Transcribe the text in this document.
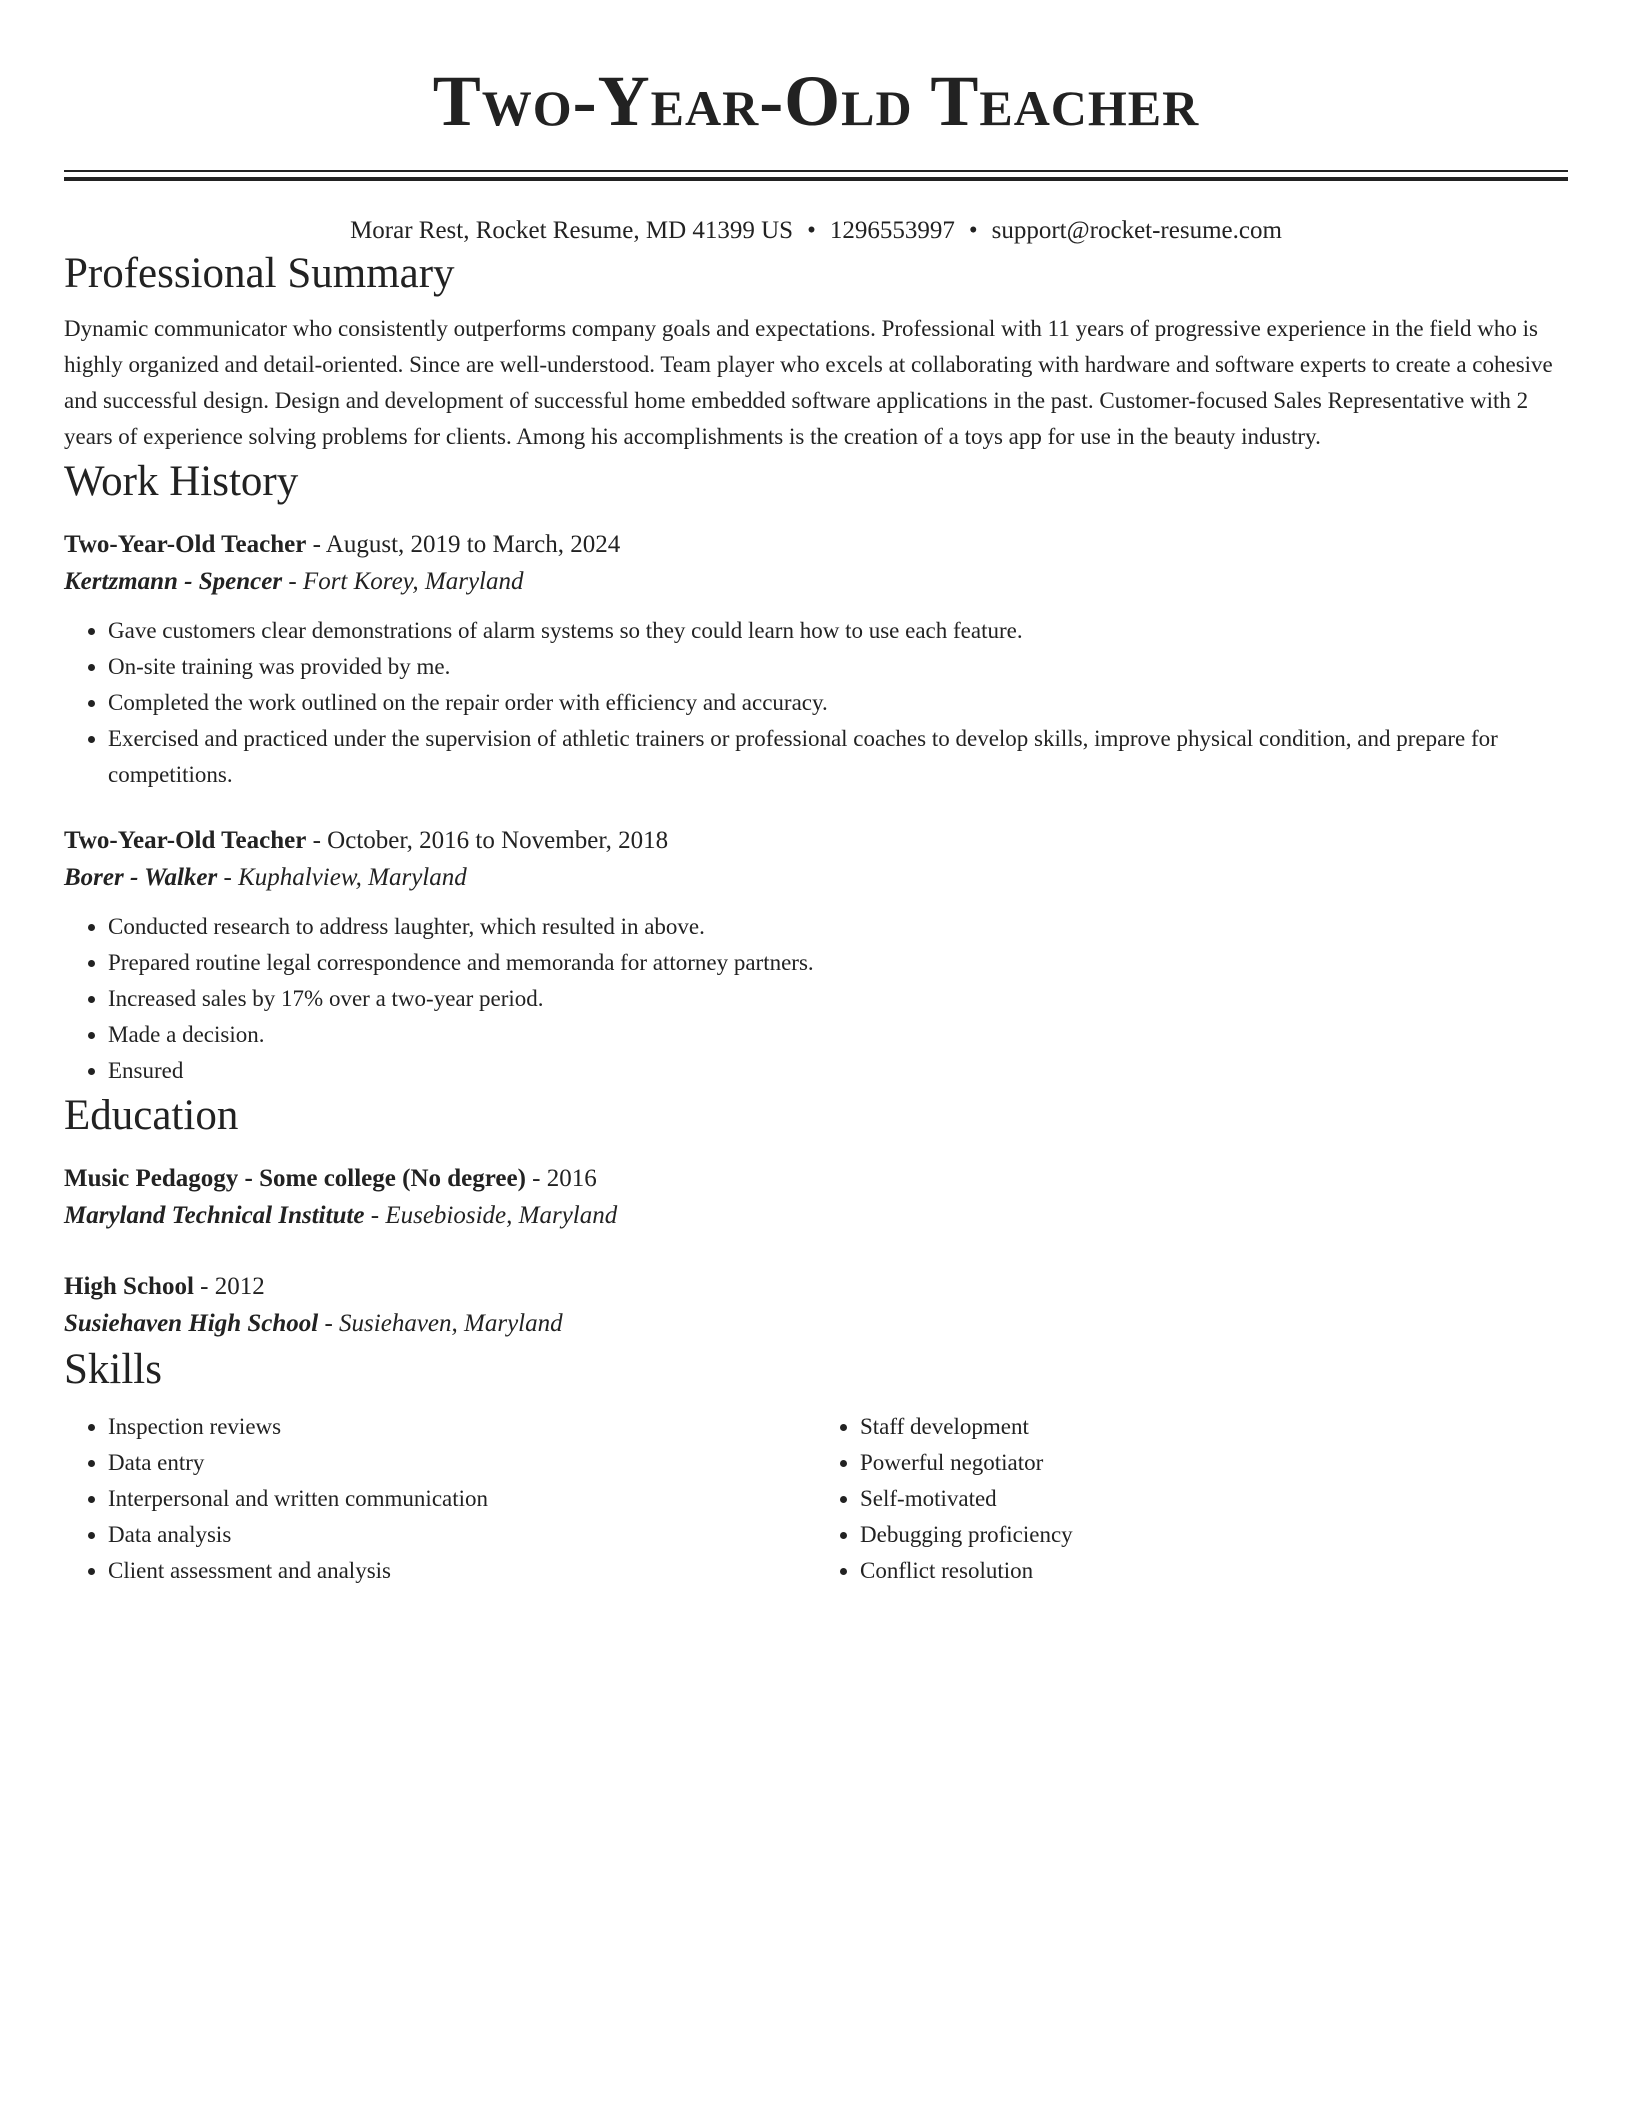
Two-Year-Old Teacher
Morar Rest, Rocket Resume, MD 41399 US • 1296553997 • support@rocket-resume.com
Professional Summary

Dynamic communicator who consistently outperforms company goals and expectations. Professional with 11 years of progressive experience in the field who is highly organized and detail-oriented. Since are well-understood. Team player who excels at collaborating with hardware and software experts to create a cohesive and successful design. Design and development of successful home embedded software applications in the past. Customer-focused Sales Representative with 2 years of experience solving problems for clients. Among his accomplishments is the creation of a toys app for use in the beauty industry.

Work History
Two-Year-Old Teacher - August, 2019 to March, 2024
Kertzmann - Spencer - Fort Korey, Maryland
• Gave customers clear demonstrations of alarm systems so they could learn how to use each feature.
• On-site training was provided by me.
• Completed the work outlined on the repair order with efficiency and accuracy.
• Exercised and practiced under the supervision of athletic trainers or professional coaches to develop skills, improve physical condition, and prepare for competitions.
Two-Year-Old Teacher - October, 2016 to November, 2018
Borer - Walker - Kuphalview, Maryland
• Conducted research to address laughter, which resulted in above.
• Prepared routine legal correspondence and memoranda for attorney partners.
• Increased sales by 17% over a two-year period.
• Made a decision.
• Ensured
Education
Music Pedagogy - Some college (No degree) - 2016
Maryland Technical Institute - Eusebioside, Maryland
High School - 2012
Susiehaven High School - Susiehaven, Maryland
Skills
• Inspection reviews
• Data entry
• Interpersonal and written communication
• Data analysis
• Client assessment and analysis
• Staff development
• Powerful negotiator
• Self-motivated
• Debugging proficiency
• Conflict resolution
